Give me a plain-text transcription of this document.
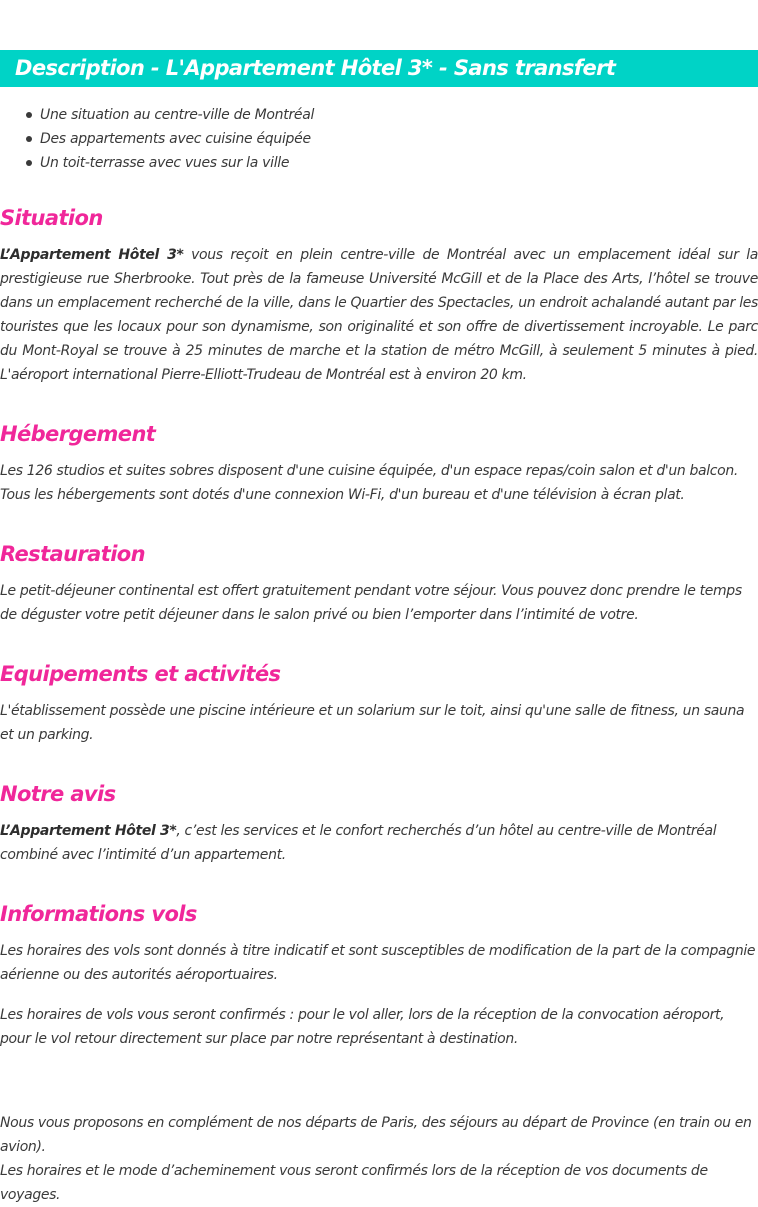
Description - L'Appartement Hôtel 3* - Sans transfert
Une situation au centre-ville de Montréal
Des appartements avec cuisine équipée
Un toit-terrasse avec vues sur la ville
Situation

L’Appartement Hôtel 3* vous reçoit en plein centre-ville de Montréal avec un emplacement idéal sur la prestigieuse rue Sherbrooke. Tout près de la fameuse Université McGill et de la Place des Arts, l’hôtel se trouve dans un emplacement recherché de la ville, dans le Quartier des Spectacles, un endroit achalandé autant par les touristes que les locaux pour son dynamisme, son originalité et son offre de divertissement incroyable. Le parc du Mont-Royal se trouve à 25 minutes de marche et la station de métro McGill, à seulement 5 minutes à pied. L'aéroport international Pierre-Elliott-Trudeau de Montréal est à environ 20 km.

Hébergement

Les 126 studios et suites sobres disposent d'une cuisine équipée, d'un espace repas/coin salon et d'un balcon. Tous les hébergements sont dotés d'une connexion Wi-Fi, d'un bureau et d'une télévision à écran plat.

Restauration

Le petit-déjeuner continental est offert gratuitement pendant votre séjour. Vous pouvez donc prendre le temps de déguster votre petit déjeuner dans le salon privé ou bien l’emporter dans l’intimité de votre.

Equipements et activités

L'établissement possède une piscine intérieure et un solarium sur le toit, ainsi qu'une salle de fitness, un sauna et un parking.

Notre avis

L’Appartement Hôtel 3*, c’est les services et le confort recherchés d’un hôtel au centre-ville de Montréal combiné avec l’intimité d’un appartement.

Informations vols

Les horaires des vols sont donnés à titre indicatif et sont susceptibles de modification de la part de la compagnie aérienne ou des autorités aéroportuaires.

Les horaires de vols vous seront confirmés : pour le vol aller, lors de la réception de la convocation aéroport, pour le vol retour directement sur place par notre représentant à destination.

Nous vous proposons en complément de nos départs de Paris, des séjours au départ de Province (en train ou en avion).

Les horaires et le mode d’acheminement vous seront confirmés lors de la réception de vos documents de voyages.
